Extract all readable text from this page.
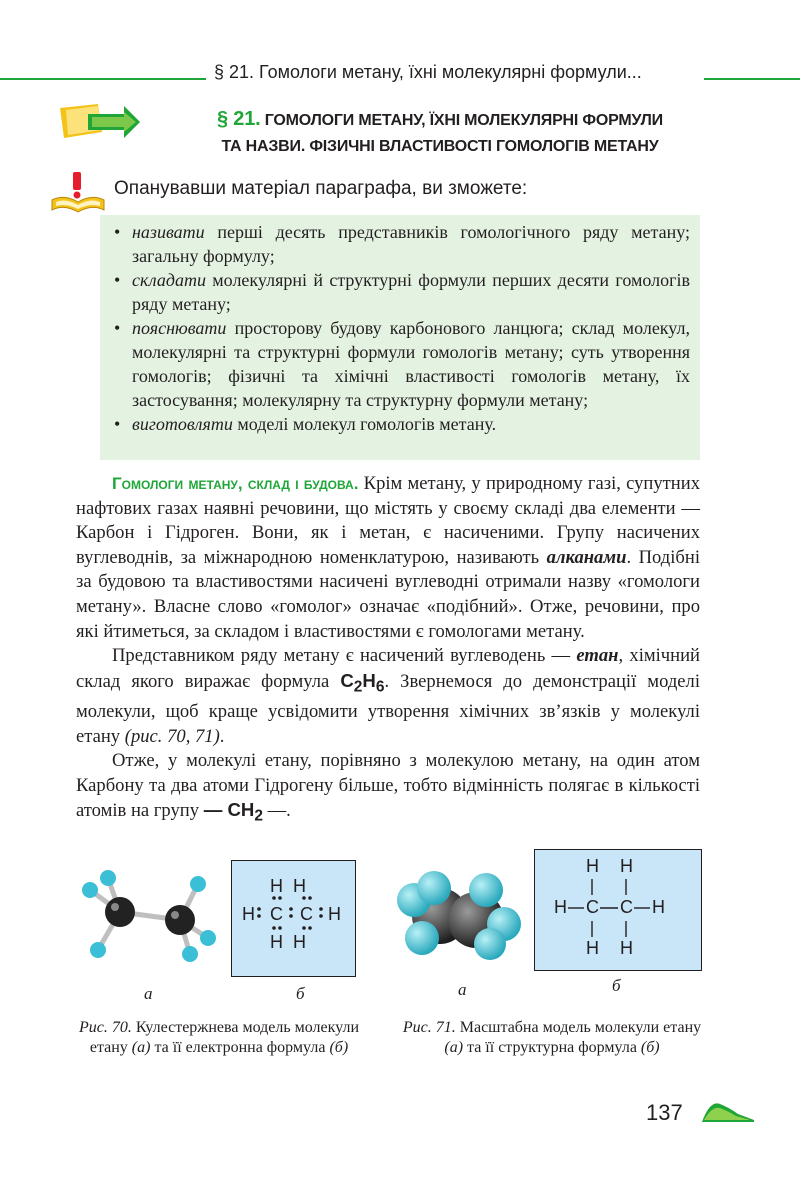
§ 21. Гомологи метану, їхні молекулярні формули...
§ 21. ГОМОЛОГИ МЕТАНУ, ЇХНІ МОЛЕКУЛЯРНІ ФОРМУЛИ
ТА НАЗВИ. ФІЗИЧНІ ВЛАСТИВОСТІ ГОМОЛОГІВ МЕТАНУ
Опанувавши матеріал параграфа, ви зможете:
• називати перші десять представників гомологічного ряду метану; загальну формулу;
• складати молекулярні й структурні формули перших десяти гомологів ряду метану;
• пояснювати просторову будову карбонового ланцюга; склад молекул, молекулярні та структурні формули гомологів метану; суть утворення гомологів; фізичні та хімічні властивості гомологів метану, їх застосування; молекулярну та структурну формули метану;
• виготовляти моделі молекул гомологів метану.

Гомологи метану, склад і будова. Крім метану, у природному газі, супутних нафтових газах наявні речовини, що містять у своєму складі два елементи — Карбон і Гідроген. Вони, як і метан, є насиченими. Групу насичених вуглеводнів, за міжнародною номенклатурою, називають алканами. Подібні за будовою та властивостями насичені вуглеводні отримали назву «гомологи метану». Власне слово «гомолог» означає «подібний». Отже, речовини, про які йтиметься, за складом і властивостями є гомологами метану.

Представником ряду метану є насичений вуглеводень — етан, хімічний склад якого виражає формула $C_2H_6$. Звернемося до демонстрації моделі молекули, щоб краще усвідомити утворення хімічних зв’язків у молекулі етану (рис. 70, 71).

Отже, у молекулі етану, порівняно з молекулою метану, на один атом Карбону та два атоми Гідрогену більше, тобто відмінність полягає в кількості атомів на групу — $CH_2$ —.

а
H  H
H C C H
H  H
б
Рис. 70. Кулестержнева модель молекули етану (а) та її електронна формула (б)
а
H H
H C C H
H H
б
Рис. 71. Масштабна модель молекули етану (а) та її структурна формула (б)
137
